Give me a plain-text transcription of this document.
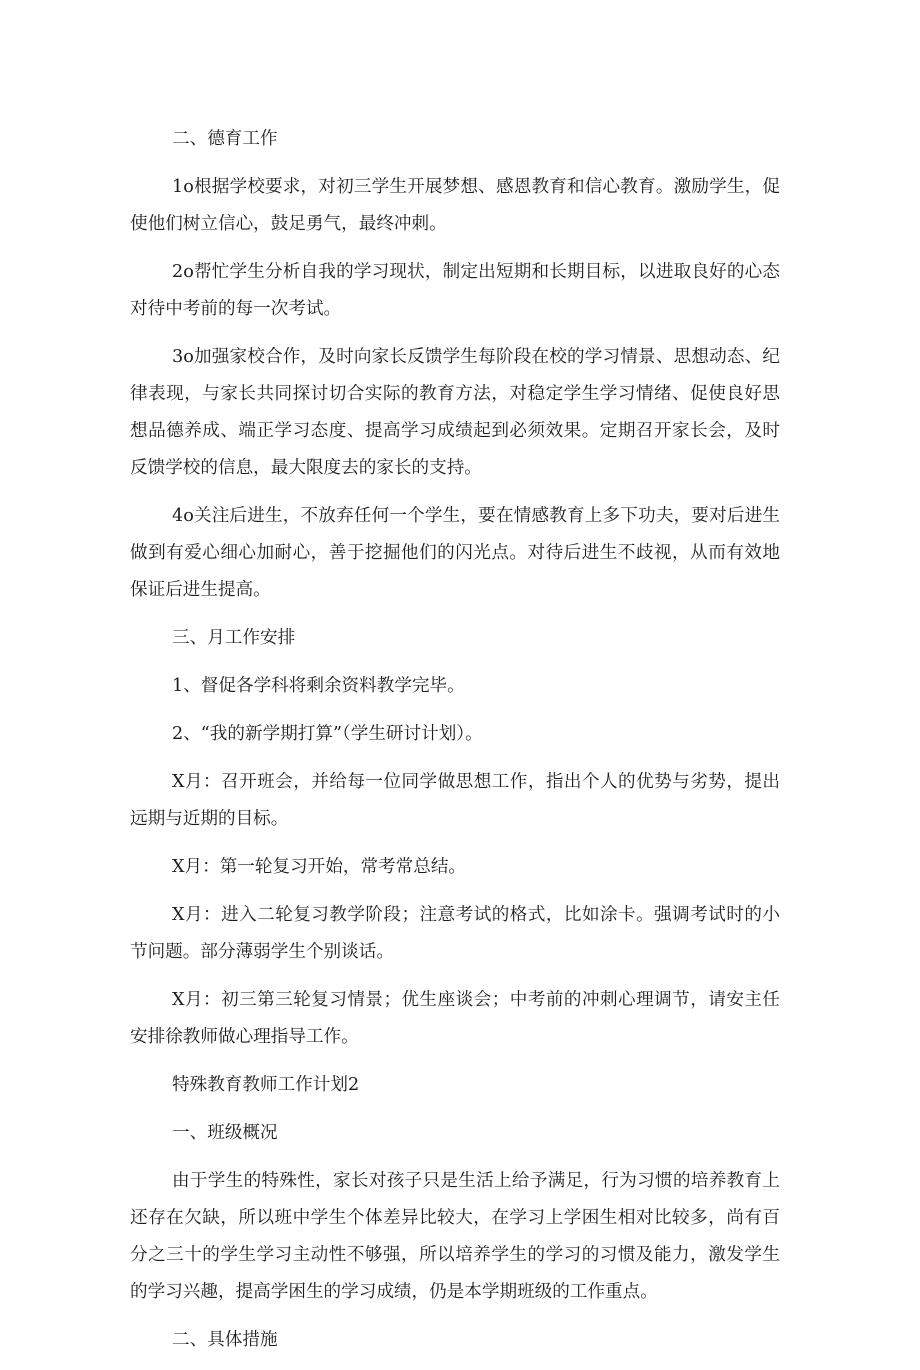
二、德育工作

1o根据学校要求，对初三学生开展梦想、感恩教育和信心教育。激励学生，促使他们树立信心，鼓足勇气，最终冲刺。

2o帮忙学生分析自我的学习现状，制定出短期和长期目标，以进取良好的心态对待中考前的每一次考试。

3o加强家校合作，及时向家长反馈学生每阶段在校的学习情景、思想动态、纪律表现，与家长共同探讨切合实际的教育方法，对稳定学生学习情绪、促使良好思想品德养成、端正学习态度、提高学习成绩起到必须效果。定期召开家长会，及时反馈学校的信息，最大限度去的家长的支持。

4o关注后进生，不放弃任何一个学生，要在情感教育上多下功夫，要对后进生做到有爱心细心加耐心，善于挖掘他们的闪光点。对待后进生不歧视，从而有效地保证后进生提高。

三、月工作安排

1、督促各学科将剩余资料教学完毕。

2、“我的新学期打算”（学生研讨计划）。

X月：召开班会，并给每一位同学做思想工作，指出个人的优势与劣势，提出远期与近期的目标。

X月：第一轮复习开始，常考常总结。

X月：进入二轮复习教学阶段；注意考试的格式，比如涂卡。强调考试时的小节问题。部分薄弱学生个别谈话。

X月：初三第三轮复习情景；优生座谈会；中考前的冲刺心理调节，请安主任安排徐教师做心理指导工作。

特殊教育教师工作计划2

一、班级概况

由于学生的特殊性，家长对孩子只是生活上给予满足，行为习惯的培养教育上还存在欠缺，所以班中学生个体差异比较大，在学习上学困生相对比较多，尚有百分之三十的学生学习主动性不够强，所以培养学生的学习的习惯及能力，激发学生的学习兴趣，提高学困生的学习成绩，仍是本学期班级的工作重点。

二、具体措施
